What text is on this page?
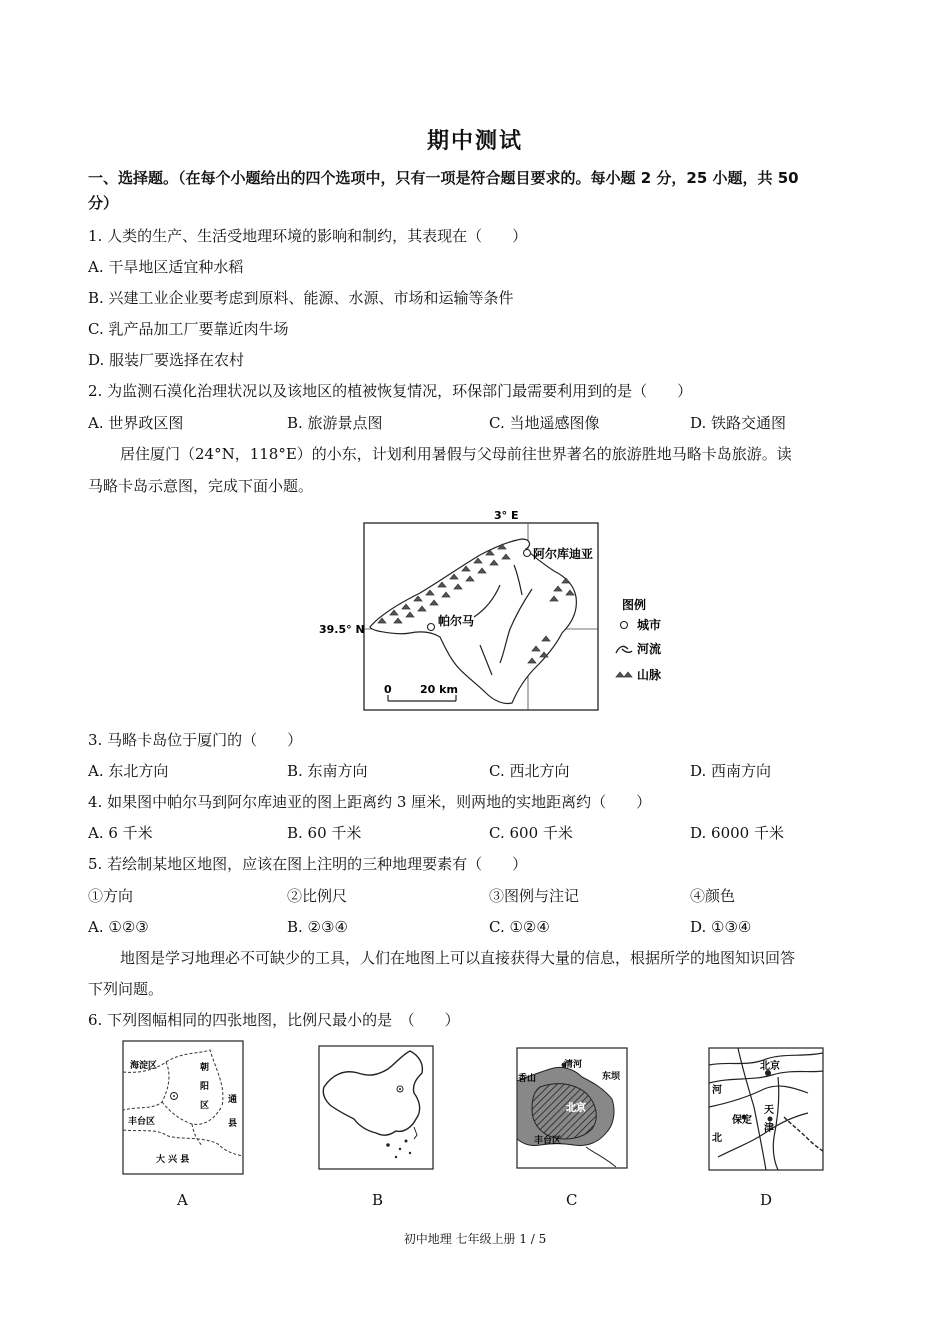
期中测试
一、选择题。（在每个小题给出的四个选项中，只有一项是符合题目要求的。每小题 2 分，25 小题，共 50
分）
1. 人类的生产、生活受地理环境的影响和制约，其表现在（　　）
A. 干旱地区适宜种水稻
B. 兴建工业企业要考虑到原料、能源、水源、市场和运输等条件
C. 乳产品加工厂要靠近肉牛场
D. 服装厂要选择在农村
2. 为监测石漠化治理状况以及该地区的植被恢复情况，环保部门最需要利用到的是（　　）
A. 世界政区图	B. 旅游景点图	C. 当地遥感图像	D. 铁路交通图
居住厦门（24°N，118°E）的小东，计划利用暑假与父母前往世界著名的旅游胜地马略卡岛旅游。读
马略卡岛示意图，完成下面小题。
3° E
39.5° N
阿尔库迪亚
帕尔马
0	20 km
图例
城市
河流
山脉
3. 马略卡岛位于厦门的（　　）
A. 东北方向	B. 东南方向	C. 西北方向	D. 西南方向
4. 如果图中帕尔马到阿尔库迪亚的图上距离约 3 厘米，则两地的实地距离约（　　）
A. 6 千米	B. 60 千米	C. 600 千米	D. 6000 千米
5. 若绘制某地区地图，应该在图上注明的三种地理要素有（　　）
①方向	②比例尺	③图例与注记	④颜色
A. ①②③	B. ②③④	C. ①②④	D. ①③④
地图是学习地理必不可缺少的工具，人们在地图上可以直接获得大量的信息，根据所学的地图知识回答
下列问题。
6. 下列图幅相同的四张地图，比例尺最小的是　（　　）
海淀区	朝
阳
区
通
县
丰台区
大 兴 县
清河
东坝
香山
北京
丰台区
北京
河
保定
天
津
北
A	B	C	D
初中地理 七年级上册 1 / 5
